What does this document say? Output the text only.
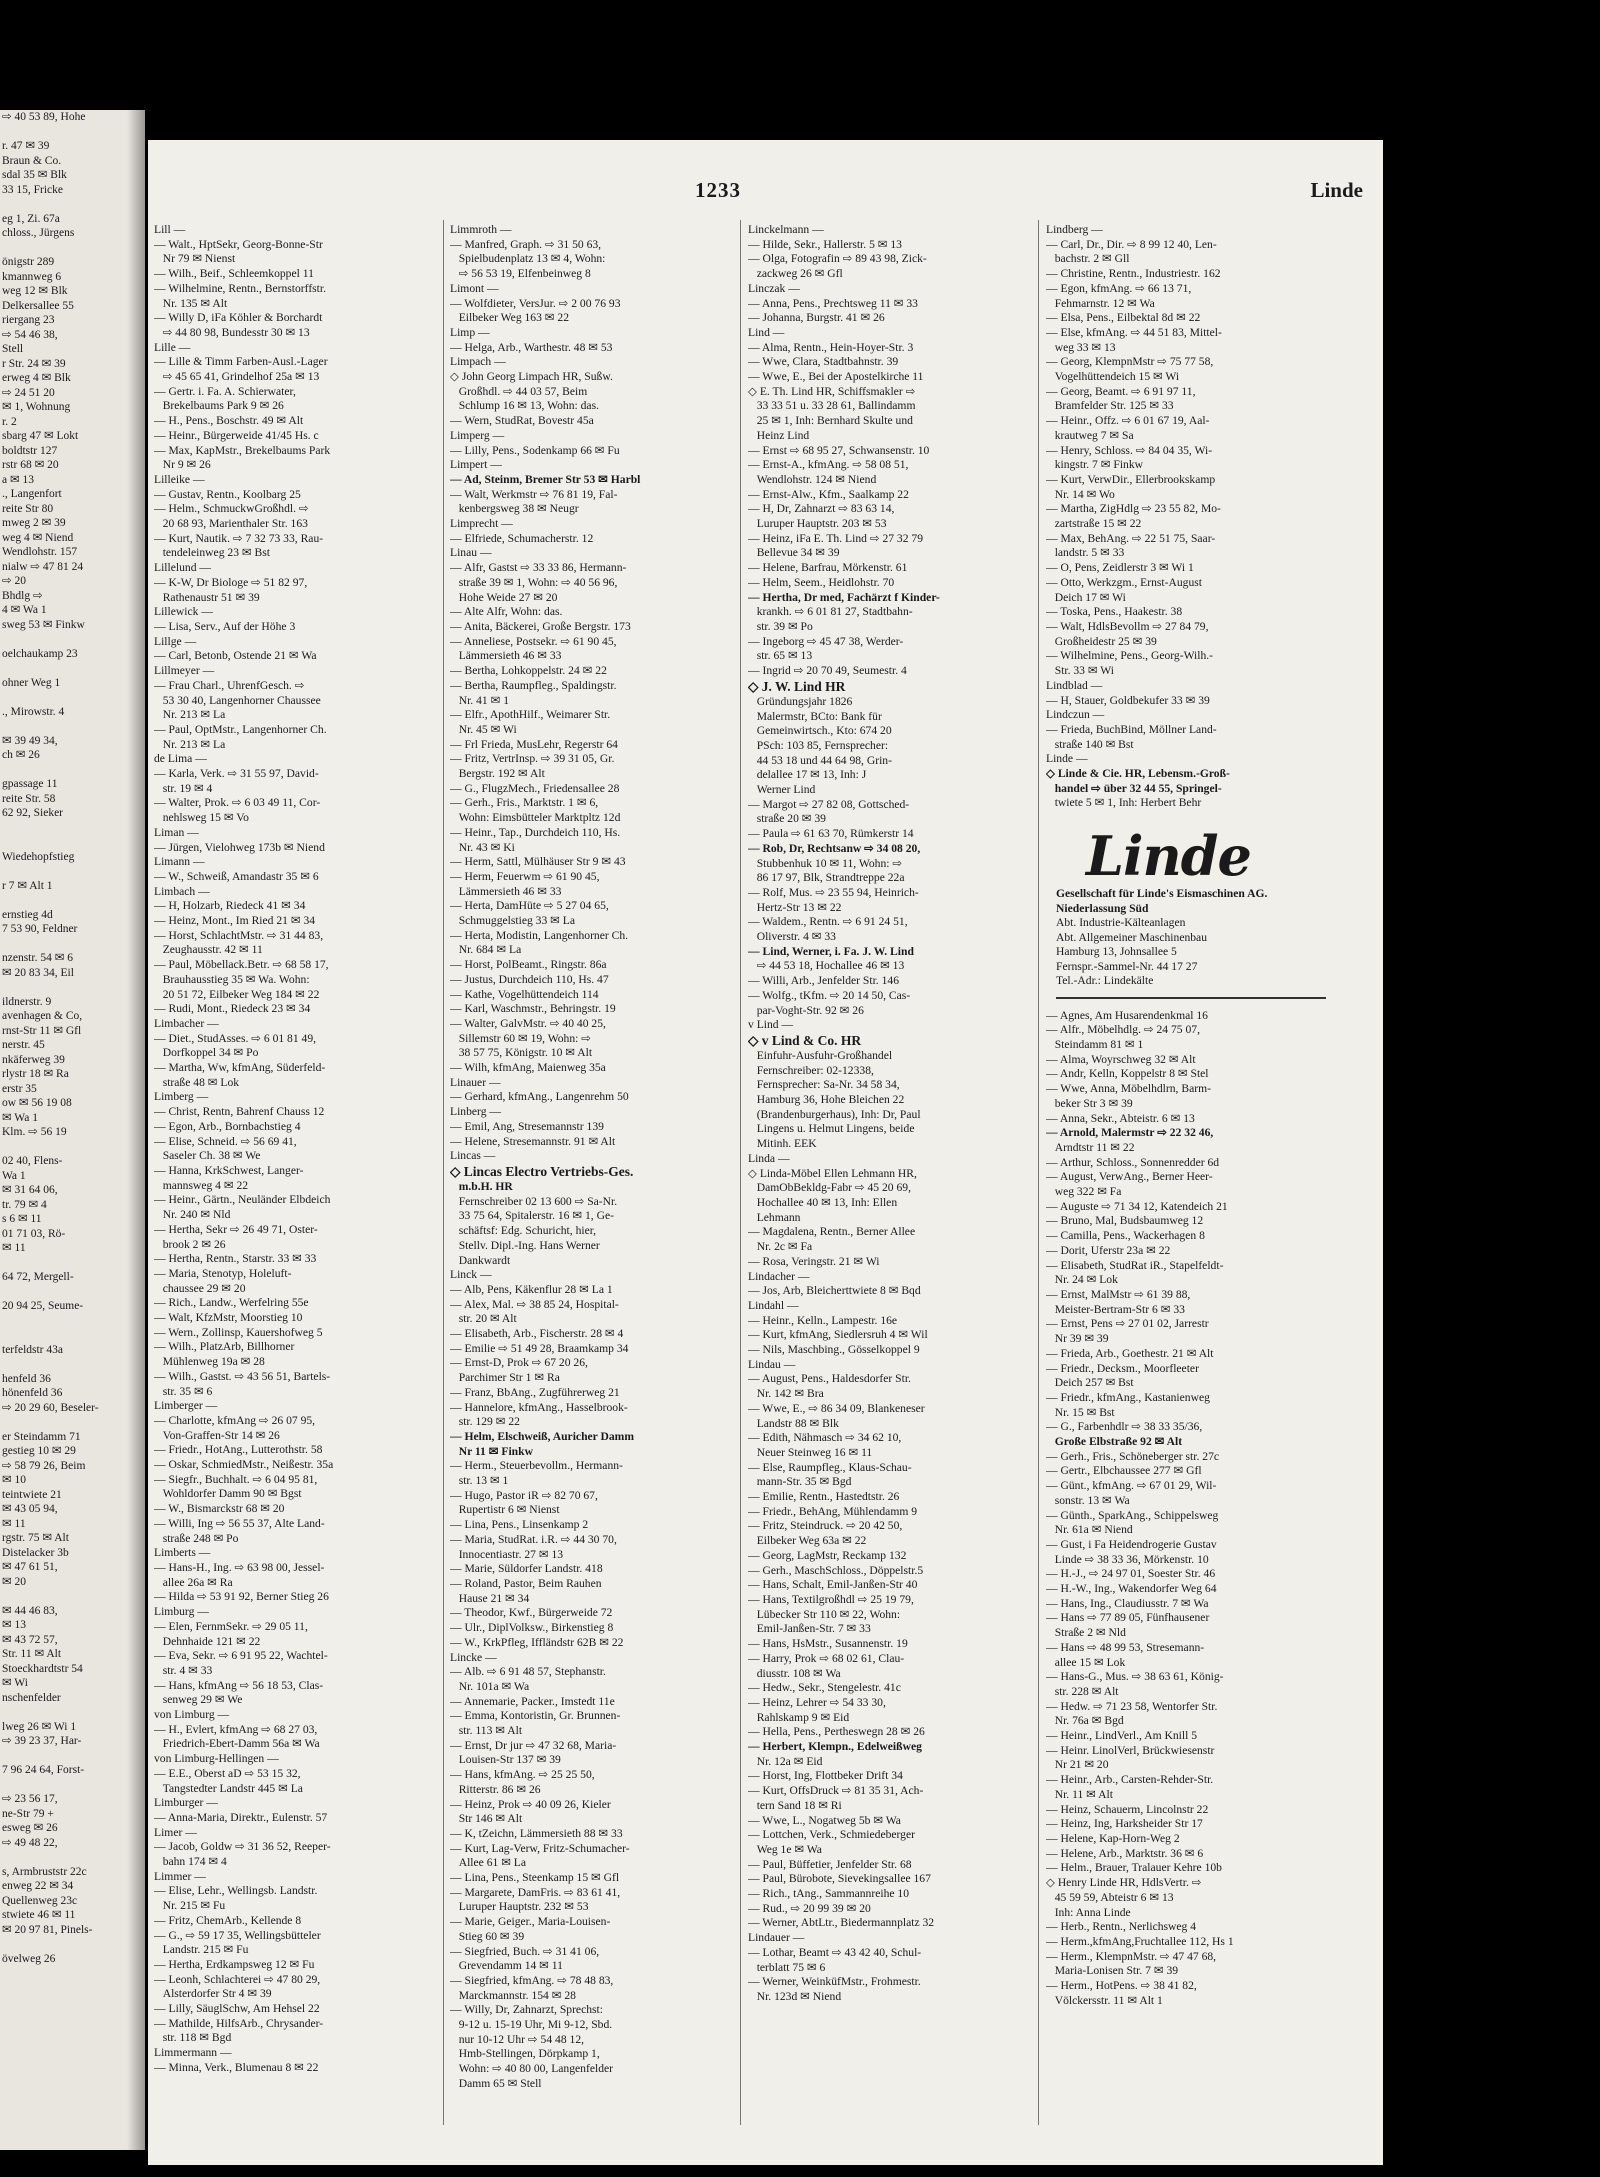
⇨ 40 53 89, Hohe

r. 47 ✉ 39
Braun & Co.
sdal 35 ✉ Blk
33 15, Fricke

eg 1, Zi. 67a
chloss., Jürgens

önigstr 289
kmannweg 6
weg 12 ✉ Blk
Delkersallee 55
riergang 23
⇨ 54 46 38,
Stell
r Str. 24 ✉ 39
erweg 4 ✉ Blk
⇨ 24 51 20
✉ 1, Wohnung
r. 2
sbarg 47 ✉ Lokt
boldtstr 127
rstr 68 ✉ 20
a ✉ 13
., Langenfort
reite Str 80
mweg 2 ✉ 39
weg 4 ✉ Niend
Wendlohstr. 157
nialw ⇨ 47 81 24
⇨ 20
Bhdlg ⇨
4 ✉ Wa 1
sweg 53 ✉ Finkw

oelchaukamp 23

ohner Weg 1

., Mirowstr. 4

✉ 39 49 34,
ch ✉ 26

gpassage 11
reite Str. 58
62 92, Sieker

Wiedehopfstieg

r 7 ✉ Alt 1

ernstieg 4d
7 53 90, Feldner

nzenstr. 54 ✉ 6
✉ 20 83 34, Eil

ildnerstr. 9
avenhagen & Co,
rnst-Str 11 ✉ Gfl
nerstr. 45
nkäferweg 39
rlystr 18 ✉ Ra
erstr 35
ow ✉ 56 19 08
✉ Wa 1
Klm. ⇨ 56 19

02 40, Flens-
Wa 1
✉ 31 64 06,
tr. 79 ✉ 4
s 6 ✉ 11
01 71 03, Rö-
✉ 11

64 72, Mergell-

20 94 25, Seume-

terfeldstr 43a

henfeld 36
hönenfeld 36
⇨ 20 29 60, Beseler-

er Steindamm 71
gestieg 10 ✉ 29
⇨ 58 79 26, Beim
✉ 10
teintwiete 21
✉ 43 05 94,
✉ 11
rgstr. 75 ✉ Alt
Distelacker 3b
✉ 47 61 51,
✉ 20

✉ 44 46 83,
✉ 13
✉ 43 72 57,
Str. 11 ✉ Alt
Stoeckhardtstr 54
✉ Wi
nschenfelder

lweg 26 ✉ Wi 1
⇨ 39 23 37, Har-

7 96 24 64, Forst-

⇨ 23 56 17,
ne-Str 79 +
esweg ✉ 26
⇨ 49 48 22,

s, Armbruststr 22c
enweg 22 ✉ 34
Quellenweg 23c
stwiete 46 ✉ 11
✉ 20 97 81, Pinels-

övelweg 26
1233	Linde
Lill —
— Walt., HptSekr, Georg-Bonne-Str
Nr 79 ✉ Nienst
— Wilh., Beif., Schleemkoppel 11
— Wilhelmine, Rentn., Bernstorffstr.
Nr. 135 ✉ Alt
— Willy D, iFa Köhler & Borchardt
⇨ 44 80 98, Bundesstr 30 ✉ 13
Lille —
— Lille & Timm Farben-Ausl.-Lager
⇨ 45 65 41, Grindelhof 25a ✉ 13
— Gertr. i. Fa. A. Schierwater,
Brekelbaums Park 9 ✉ 26
— H., Pens., Boschstr. 49 ✉ Alt
— Heinr., Bürgerweide 41/45 Hs. c
— Max, KapMstr., Brekelbaums Park
Nr 9 ✉ 26
Lilleike —
— Gustav, Rentn., Koolbarg 25
— Helm., SchmuckwGroßhdl. ⇨
20 68 93, Marienthaler Str. 163
— Kurt, Nautik. ⇨ 7 32 73 33, Rau-
tendeleinweg 23 ✉ Bst
Lillelund —
— K-W, Dr Biologe ⇨ 51 82 97,
Rathenaustr 51 ✉ 39
Lillewick —
— Lisa, Serv., Auf der Höhe 3
Lillge —
— Carl, Betonb, Ostende 21 ✉ Wa
Lillmeyer —
— Frau Charl., UhrenfGesch. ⇨
53 30 40, Langenhorner Chaussee
Nr. 213 ✉ La
— Paul, OptMstr., Langenhorner Ch.
Nr. 213 ✉ La
de Lima —
— Karla, Verk. ⇨ 31 55 97, David-
str. 19 ✉ 4
— Walter, Prok. ⇨ 6 03 49 11, Cor-
nehlsweg 15 ✉ Vo
Liman —
— Jürgen, Vielohweg 173b ✉ Niend
Limann —
— W., Schweiß, Amandastr 35 ✉ 6
Limbach —
— H, Holzarb, Riedeck 41 ✉ 34
— Heinz, Mont., Im Ried 21 ✉ 34
— Horst, SchlachtMstr. ⇨ 31 44 83,
Zeughausstr. 42 ✉ 11
— Paul, Möbellack.Betr. ⇨ 68 58 17,
Brauhausstieg 35 ✉ Wa. Wohn:
20 51 72, Eilbeker Weg 184 ✉ 22
— Rudi, Mont., Riedeck 23 ✉ 34
Limbacher —
— Diet., StudAsses. ⇨ 6 01 81 49,
Dorfkoppel 34 ✉ Po
— Martha, Ww, kfmAng, Süderfeld-
straße 48 ✉ Lok
Limberg —
— Christ, Rentn, Bahrenf Chauss 12
— Egon, Arb., Bornbachstieg 4
— Elise, Schneid. ⇨ 56 69 41,
Saseler Ch. 38 ✉ We
— Hanna, KrkSchwest, Langer-
mannsweg 4 ✉ 22
— Heinr., Gärtn., Neuländer Elbdeich
Nr. 240 ✉ Nld
— Hertha, Sekr ⇨ 26 49 71, Oster-
brook 2 ✉ 26
— Hertha, Rentn., Starstr. 33 ✉ 33
— Maria, Stenotyp, Holeluft-
chaussee 29 ✉ 20
— Rich., Landw., Werfelring 55e
— Walt, KfzMstr, Moorstieg 10
— Wern., Zollinsp, Kauershofweg 5
— Wilh., PlatzArb, Billhorner
Mühlenweg 19a ✉ 28
— Wilh., Gastst. ⇨ 43 56 51, Bartels-
str. 35 ✉ 6
Limberger —
— Charlotte, kfmAng ⇨ 26 07 95,
Von-Graffen-Str 14 ✉ 26
— Friedr., HotAng., Lutterothstr. 58
— Oskar, SchmiedMstr., Neißestr. 35a
— Siegfr., Buchhalt. ⇨ 6 04 95 81,
Wohldorfer Damm 90 ✉ Bgst
— W., Bismarckstr 68 ✉ 20
— Willi, Ing ⇨ 56 55 37, Alte Land-
straße 248 ✉ Po
Limberts —
— Hans-H., Ing. ⇨ 63 98 00, Jessel-
allee 26a ✉ Ra
— Hilda ⇨ 53 91 92, Berner Stieg 26
Limburg —
— Elen, FernmSekr. ⇨ 29 05 11,
Dehnhaide 121 ✉ 22
— Eva, Sekr. ⇨ 6 91 95 22, Wachtel-
str. 4 ✉ 33
— Hans, kfmAng ⇨ 56 18 53, Clas-
senweg 29 ✉ We
von Limburg —
— H., Evlert, kfmAng ⇨ 68 27 03,
Friedrich-Ebert-Damm 56a ✉ Wa
von Limburg-Hellingen —
— E.E., Oberst aD ⇨ 53 15 32,
Tangstedter Landstr 445 ✉ La
Limburger —
— Anna-Maria, Direktr., Eulenstr. 57
Limer —
— Jacob, Goldw ⇨ 31 36 52, Reeper-
bahn 174 ✉ 4
Limmer —
— Elise, Lehr., Wellingsb. Landstr.
Nr. 215 ✉ Fu
— Fritz, ChemArb., Kellende 8
— G., ⇨ 59 17 35, Wellingsbütteler
Landstr. 215 ✉ Fu
— Hertha, Erdkampsweg 12 ✉ Fu
— Leonh, Schlachterei ⇨ 47 80 29,
Alsterdorfer Str 4 ✉ 39
— Lilly, SäuglSchw, Am Hehsel 22
— Mathilde, HilfsArb., Chrysander-
str. 118 ✉ Bgd
Limmermann —
— Minna, Verk., Blumenau 8 ✉ 22
Limmroth —
— Manfred, Graph. ⇨ 31 50 63,
Spielbudenplatz 13 ✉ 4, Wohn:
⇨ 56 53 19, Elfenbeinweg 8
Limont —
— Wolfdieter, VersJur. ⇨ 2 00 76 93
Eilbeker Weg 163 ✉ 22
Limp —
— Helga, Arb., Warthestr. 48 ✉ 53
Limpach —
◇ John Georg Limpach HR, Sußw.
Großhdl. ⇨ 44 03 57, Beim
Schlump 16 ✉ 13, Wohn: das.
— Wern, StudRat, Bovestr 45a
Limperg —
— Lilly, Pens., Sodenkamp 66 ✉ Fu
Limpert —
— Ad, Steinm, Bremer Str 53 ✉ Harbl
— Walt, Werkmstr ⇨ 76 81 19, Fal-
kenbergsweg 38 ✉ Neugr
Limprecht —
— Elfriede, Schumacherstr. 12
Linau —
— Alfr, Gastst ⇨ 33 33 86, Hermann-
straße 39 ✉ 1, Wohn: ⇨ 40 56 96,
Hohe Weide 27 ✉ 20
— Alte Alfr, Wohn: das.
— Anita, Bäckerei, Große Bergstr. 173
— Anneliese, Postsekr. ⇨ 61 90 45,
Lämmersieth 46 ✉ 33
— Bertha, Lohkoppelstr. 24 ✉ 22
— Bertha, Raumpfleg., Spaldingstr.
Nr. 41 ✉ 1
— Elfr., ApothHilf., Weimarer Str.
Nr. 45 ✉ Wi
— Frl Frieda, MusLehr, Regerstr 64
— Fritz, VertrInsp. ⇨ 39 31 05, Gr.
Bergstr. 192 ✉ Alt
— G., FlugzMech., Friedensallee 28
— Gerh., Fris., Marktstr. 1 ✉ 6,
Wohn: Eimsbütteler Marktpltz 12d
— Heinr., Tap., Durchdeich 110, Hs.
Nr. 43 ✉ Ki
— Herm, Sattl, Mülhäuser Str 9 ✉ 43
— Herm, Feuerwm ⇨ 61 90 45,
Lämmersieth 46 ✉ 33
— Herta, DamHüte ⇨ 5 27 04 65,
Schmuggelstieg 33 ✉ La
— Herta, Modistin, Langenhorner Ch.
Nr. 684 ✉ La
— Horst, PolBeamt., Ringstr. 86a
— Justus, Durchdeich 110, Hs. 47
— Kathe, Vogelhüttendeich 114
— Karl, Waschmstr., Behringstr. 19
— Walter, GalvMstr. ⇨ 40 40 25,
Sillemstr 60 ✉ 19, Wohn: ⇨
38 57 75, Königstr. 10 ✉ Alt
— Wilh, kfmAng, Maienweg 35a
Linauer —
— Gerhard, kfmAng., Langenrehm 50
Linberg —
— Emil, Ang, Stresemannstr 139
— Helene, Stresemannstr. 91 ✉ Alt
Lincas —
◇ Lincas Electro Vertriebs-Ges.
m.b.H. HR
Fernschreiber 02 13 600 ⇨ Sa-Nr.
33 75 64, Spitalerstr. 16 ✉ 1, Ge-
schäftsf: Edg. Schuricht, hier,
Stellv. Dipl.-Ing. Hans Werner
Dankwardt
Linck —
— Alb, Pens, Käkenflur 28 ✉ La 1
— Alex, Mal. ⇨ 38 85 24, Hospital-
str. 20 ✉ Alt
— Elisabeth, Arb., Fischerstr. 28 ✉ 4
— Emilie ⇨ 51 49 28, Braamkamp 34
— Ernst-D, Prok ⇨ 67 20 26,
Parchimer Str 1 ✉ Ra
— Franz, BbAng., Zugführerweg 21
— Hannelore, kfmAng., Hasselbrook-
str. 129 ✉ 22
— Helm, Elschweiß, Auricher Damm
Nr 11 ✉ Finkw
— Herm., Steuerbevollm., Hermann-
str. 13 ✉ 1
— Hugo, Pastor iR ⇨ 82 70 67,
Rupertistr 6 ✉ Nienst
— Lina, Pens., Linsenkamp 2
— Maria, StudRat. i.R. ⇨ 44 30 70,
Innocentiastr. 27 ✉ 13
— Marie, Süldorfer Landstr. 418
— Roland, Pastor, Beim Rauhen
Hause 21 ✉ 34
— Theodor, Kwf., Bürgerweide 72
— Ulr., DiplVolksw., Birkenstieg 8
— W., KrkPfleg, Iffländstr 62B ✉ 22
Lincke —
— Alb. ⇨ 6 91 48 57, Stephanstr.
Nr. 101a ✉ Wa
— Annemarie, Packer., Imstedt 11e
— Emma, Kontoristin, Gr. Brunnen-
str. 113 ✉ Alt
— Ernst, Dr jur ⇨ 47 32 68, Maria-
Louisen-Str 137 ✉ 39
— Hans, kfmAng. ⇨ 25 25 50,
Ritterstr. 86 ✉ 26
— Heinz, Prok ⇨ 40 09 26, Kieler
Str 146 ✉ Alt
— K, tZeichn, Lämmersieth 88 ✉ 33
— Kurt, Lag-Verw, Fritz-Schumacher-
Allee 61 ✉ La
— Lina, Pens., Steenkamp 15 ✉ Gfl
— Margarete, DamFris. ⇨ 83 61 41,
Luruper Hauptstr. 232 ✉ 53
— Marie, Geiger., Maria-Louisen-
Stieg 60 ✉ 39
— Siegfried, Buch. ⇨ 31 41 06,
Grevendamm 14 ✉ 11
— Siegfried, kfmAng. ⇨ 78 48 83,
Marckmannstr. 154 ✉ 28
— Willy, Dr, Zahnarzt, Sprechst:
9-12 u. 15-19 Uhr, Mi 9-12, Sbd.
nur 10-12 Uhr ⇨ 54 48 12,
Hmb-Stellingen, Dörpkamp 1,
Wohn: ⇨ 40 80 00, Langenfelder
Damm 65 ✉ Stell
Linckelmann —
— Hilde, Sekr., Hallerstr. 5 ✉ 13
— Olga, Fotografin ⇨ 89 43 98, Zick-
zackweg 26 ✉ Gfl
Linczak —
— Anna, Pens., Prechtsweg 11 ✉ 33
— Johanna, Burgstr. 41 ✉ 26
Lind —
— Alma, Rentn., Hein-Hoyer-Str. 3
— Wwe, Clara, Stadtbahnstr. 39
— Wwe, E., Bei der Apostelkirche 11
◇ E. Th. Lind HR, Schiffsmakler ⇨
33 33 51 u. 33 28 61, Ballindamm
25 ✉ 1, Inh: Bernhard Skulte und
Heinz Lind
— Ernst ⇨ 68 95 27, Schwansenstr. 10
— Ernst-A., kfmAng. ⇨ 58 08 51,
Wendlohstr. 124 ✉ Niend
— Ernst-Alw., Kfm., Saalkamp 22
— H, Dr, Zahnarzt ⇨ 83 63 14,
Luruper Hauptstr. 203 ✉ 53
— Heinz, iFa E. Th. Lind ⇨ 27 32 79
Bellevue 34 ✉ 39
— Helene, Barfrau, Mörkenstr. 61
— Helm, Seem., Heidlohstr. 70
— Hertha, Dr med, Fachärzt f Kinder-
krankh. ⇨ 6 01 81 27, Stadtbahn-
str. 39 ✉ Po
— Ingeborg ⇨ 45 47 38, Werder-
str. 65 ✉ 13
— Ingrid ⇨ 20 70 49, Seumestr. 4
◇ J. W. Lind HR
Gründungsjahr 1826
Malermstr, BCto: Bank für
Gemeinwirtsch., Kto: 674 20
PSch: 103 85, Fernsprecher:
44 53 18 und 44 64 98, Grin-
delallee 17 ✉ 13, Inh: J
Werner Lind
— Margot ⇨ 27 82 08, Gottsched-
straße 20 ✉ 39
— Paula ⇨ 61 63 70, Rümkerstr 14
— Rob, Dr, Rechtsanw ⇨ 34 08 20,
Stubbenhuk 10 ✉ 11, Wohn: ⇨
86 17 97, Blk, Strandtreppe 22a
— Rolf, Mus. ⇨ 23 55 94, Heinrich-
Hertz-Str 13 ✉ 22
— Waldem., Rentn. ⇨ 6 91 24 51,
Oliverstr. 4 ✉ 33
— Lind, Werner, i. Fa. J. W. Lind
⇨ 44 53 18, Hochallee 46 ✉ 13
— Willi, Arb., Jenfelder Str. 146
— Wolfg., tKfm. ⇨ 20 14 50, Cas-
par-Voght-Str. 92 ✉ 26
v Lind —
◇ v Lind & Co. HR
Einfuhr-Ausfuhr-Großhandel
Fernschreiber: 02-12338,
Fernsprecher: Sa-Nr. 34 58 34,
Hamburg 36, Hohe Bleichen 22
(Brandenburgerhaus), Inh: Dr, Paul
Lingens u. Helmut Lingens, beide
Mitinh. EEK
Linda —
◇ Linda-Möbel Ellen Lehmann HR,
DamObBekldg-Fabr ⇨ 45 20 69,
Hochallee 40 ✉ 13, Inh: Ellen
Lehmann
— Magdalena, Rentn., Berner Allee
Nr. 2c ✉ Fa
— Rosa, Veringstr. 21 ✉ Wi
Lindacher —
— Jos, Arb, Bleicherttwiete 8 ✉ Bqd
Lindahl —
— Heinr., Kelln., Lampestr. 16e
— Kurt, kfmAng, Siedlersruh 4 ✉ Wil
— Nils, Maschbing., Gösselkoppel 9
Lindau —
— August, Pens., Haldesdorfer Str.
Nr. 142 ✉ Bra
— Wwe, E., ⇨ 86 34 09, Blankeneser
Landstr 88 ✉ Blk
— Edith, Nähmasch ⇨ 34 62 10,
Neuer Steinweg 16 ✉ 11
— Else, Raumpfleg., Klaus-Schau-
mann-Str. 35 ✉ Bgd
— Emilie, Rentn., Hastedtstr. 26
— Friedr., BehAng, Mühlendamm 9
— Fritz, Steindruck. ⇨ 20 42 50,
Eilbeker Weg 63a ✉ 22
— Georg, LagMstr, Reckamp 132
— Gerh., MaschSchloss., Döppelstr.5
— Hans, Schalt, Emil-Janßen-Str 40
— Hans, Textilgroßhdl ⇨ 25 19 79,
Lübecker Str 110 ✉ 22, Wohn:
Emil-Janßen-Str. 7 ✉ 33
— Hans, HsMstr., Susannenstr. 19
— Harry, Prok ⇨ 68 02 61, Clau-
diusstr. 108 ✉ Wa
— Hedw., Sekr., Stengelestr. 41c
— Heinz, Lehrer ⇨ 54 33 30,
Rahlskamp 9 ✉ Eid
— Hella, Pens., Pertheswegn 28 ✉ 26
— Herbert, Klempn., Edelweißweg
Nr. 12a ✉ Eid
— Horst, Ing, Flottbeker Drift 34
— Kurt, OffsDruck ⇨ 81 35 31, Ach-
tern Sand 18 ✉ Ri
— Wwe, L., Nogatweg 5b ✉ Wa
— Lottchen, Verk., Schmiedeberger
Weg 1e ✉ Wa
— Paul, Büffetier, Jenfelder Str. 68
— Paul, Bürobote, Sievekingsallee 167
— Rich., tAng., Sammannreihe 10
— Rud., ⇨ 20 99 39 ✉ 20
— Werner, AbtLtr., Biedermannplatz 32
Lindauer —
— Lothar, Beamt ⇨ 43 42 40, Schul-
terblatt 75 ✉ 6
— Werner, WeinküfMstr., Frohmestr.
Nr. 123d ✉ Niend
Lindberg —
— Carl, Dr., Dir. ⇨ 8 99 12 40, Len-
bachstr. 2 ✉ Gll
— Christine, Rentn., Industriestr. 162
— Egon, kfmAng. ⇨ 66 13 71,
Fehmarnstr. 12 ✉ Wa
— Elsa, Pens., Eilbektal 8d ✉ 22
— Else, kfmAng. ⇨ 44 51 83, Mittel-
weg 33 ✉ 13
— Georg, KlempnMstr ⇨ 75 77 58,
Vogelhüttendeich 15 ✉ Wi
— Georg, Beamt. ⇨ 6 91 97 11,
Bramfelder Str. 125 ✉ 33
— Heinr., Offz. ⇨ 6 01 67 19, Aal-
krautweg 7 ✉ Sa
— Henry, Schloss. ⇨ 84 04 35, Wi-
kingstr. 7 ✉ Finkw
— Kurt, VerwDir., Ellerbrookskamp
Nr. 14 ✉ Wo
— Martha, ZigHdlg ⇨ 23 55 82, Mo-
zartstraße 15 ✉ 22
— Max, BehAng. ⇨ 22 51 75, Saar-
landstr. 5 ✉ 33
— O, Pens, Zeidlerstr 3 ✉ Wi 1
— Otto, Werkzgm., Ernst-August
Deich 17 ✉ Wi
— Toska, Pens., Haakestr. 38
— Walt, HdlsBevollm ⇨ 27 84 79,
Großheidestr 25 ✉ 39
— Wilhelmine, Pens., Georg-Wilh.-
Str. 33 ✉ Wi
Lindblad —
— H, Stauer, Goldbekufer 33 ✉ 39
Lindczun —
— Frieda, BuchBind, Möllner Land-
straße 140 ✉ Bst
Linde —
◇ Linde & Cie. HR, Lebensm.-Groß-
handel ⇨ über 32 44 55, Springel-
twiete 5 ✉ 1, Inh: Herbert Behr
Linde
Gesellschaft für Linde's Eismaschinen AG.
Niederlassung Süd
Abt. Industrie-Kälteanlagen
Abt. Allgemeiner Maschinenbau
Hamburg 13, Johnsallee 5
Fernspr.-Sammel-Nr. 44 17 27
Tel.-Adr.: Lindekälte
— Agnes, Am Husarendenkmal 16
— Alfr., Möbelhdlg. ⇨ 24 75 07,
Steindamm 81 ✉ 1
— Alma, Woyrschweg 32 ✉ Alt
— Andr, Kelln, Koppelstr 8 ✉ Stel
— Wwe, Anna, Möbelhdlrn, Barm-
beker Str 3 ✉ 39
— Anna, Sekr., Abteistr. 6 ✉ 13
— Arnold, Malermstr ⇨ 22 32 46,
Arndtstr 11 ✉ 22
— Arthur, Schloss., Sonnenredder 6d
— August, VerwAng., Berner Heer-
weg 322 ✉ Fa
— Auguste ⇨ 71 34 12, Katendeich 21
— Bruno, Mal, Budsbaumweg 12
— Camilla, Pens., Wackerhagen 8
— Dorit, Uferstr 23a ✉ 22
— Elisabeth, StudRat iR., Stapelfeldt-
Nr. 24 ✉ Lok
— Ernst, MalMstr ⇨ 61 39 88,
Meister-Bertram-Str 6 ✉ 33
— Ernst, Pens ⇨ 27 01 02, Jarrestr
Nr 39 ✉ 39
— Frieda, Arb., Goethestr. 21 ✉ Alt
— Friedr., Decksm., Moorfleeter
Deich 257 ✉ Bst
— Friedr., kfmAng., Kastanienweg
Nr. 15 ✉ Bst
— G., Farbenhdlr ⇨ 38 33 35/36,
Große Elbstraße 92 ✉ Alt
— Gerh., Fris., Schöneberger str. 27c
— Gertr., Elbchaussee 277 ✉ Gfl
— Günt., kfmAng. ⇨ 67 01 29, Wil-
sonstr. 13 ✉ Wa
— Günth., SparkAng., Schippelsweg
Nr. 61a ✉ Niend
— Gust, i Fa Heidendrogerie Gustav
Linde ⇨ 38 33 36, Mörkenstr. 10
— H.-J., ⇨ 24 97 01, Soester Str. 46
— H.-W., Ing., Wakendorfer Weg 64
— Hans, Ing., Claudiusstr. 7 ✉ Wa
— Hans ⇨ 77 89 05, Fünfhausener
Straße 2 ✉ Nld
— Hans ⇨ 48 99 53, Stresemann-
allee 15 ✉ Lok
— Hans-G., Mus. ⇨ 38 63 61, König-
str. 228 ✉ Alt
— Hedw. ⇨ 71 23 58, Wentorfer Str.
Nr. 76a ✉ Bgd
— Heinr., LindVerl., Am Knill 5
— Heinr. LinolVerl, Brückwiesenstr
Nr 21 ✉ 20
— Heinr., Arb., Carsten-Rehder-Str.
Nr. 11 ✉ Alt
— Heinz, Schauerm, Lincolnstr 22
— Heinz, Ing, Harksheider Str 17
— Helene, Kap-Horn-Weg 2
— Helene, Arb., Marktstr. 36 ✉ 6
— Helm., Brauer, Tralauer Kehre 10b
◇ Henry Linde HR, HdlsVertr. ⇨
45 59 59, Abteistr 6 ✉ 13
Inh: Anna Linde
— Herb., Rentn., Nerlichsweg 4
— Herm.,kfmAng,Fruchtallee 112, Hs 1
— Herm., KlempnMstr. ⇨ 47 47 68,
Maria-Lonisen Str. 7 ✉ 39
— Herm., HotPens. ⇨ 38 41 82,
Völckersstr. 11 ✉ Alt 1
